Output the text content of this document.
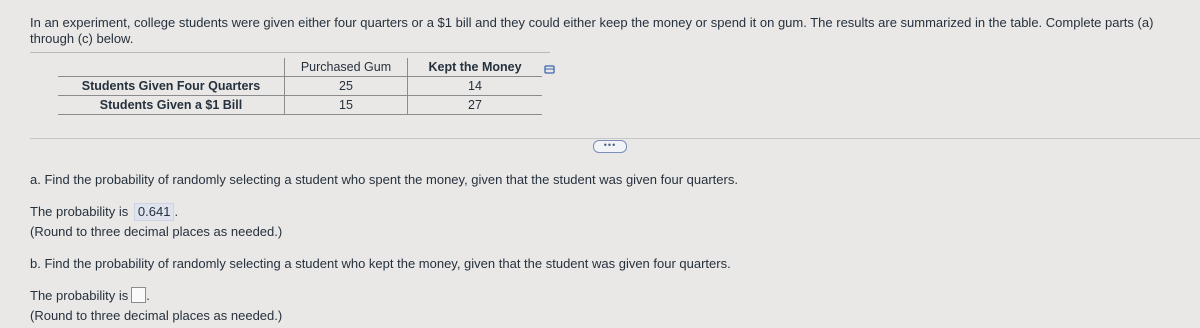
In an experiment, college students were given either four quarters or a $1 bill and they could either keep the money or spend it on gum. The results are summarized in the table. Complete parts (a) through (c) below.
	Purchased Gum	Kept the Money
Students Given Four Quarters	25	14
Students Given a $1 Bill	15	27
•••
a. Find the probability of randomly selecting a student who spent the money, given that the student was given four quarters.
The probability is 0.641 .
(Round to three decimal places as needed.)
b. Find the probability of randomly selecting a student who kept the money, given that the student was given four quarters.
The probability is .
(Round to three decimal places as needed.)
